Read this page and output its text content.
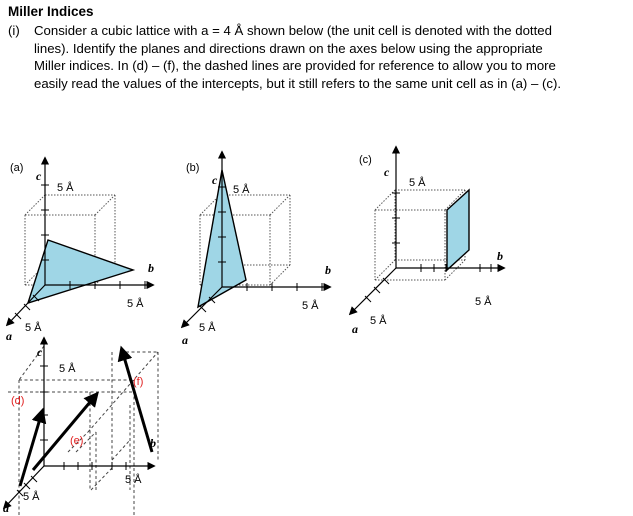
Miller Indices
(i) Consider a cubic lattice with a = 4 Å shown below (the unit cell is denoted with the dotted
lines). Identify the planes and directions drawn on the axes below using the appropriate
Miller indices. In (d) – (f), the dashed lines are provided for reference to allow you to more
easily read the values of the intercepts, but it still refers to the same unit cell as in (a) – (c).
(a)
c
b
a
5 Å
5 Å
5 Å
(b)
c
b
a
5 Å
5 Å
5 Å
(c)
c
b
a
5 Å
5 Å
5 Å
c
b
a
5 Å
5 Å
5 Å
(d)
(e)
(f)
